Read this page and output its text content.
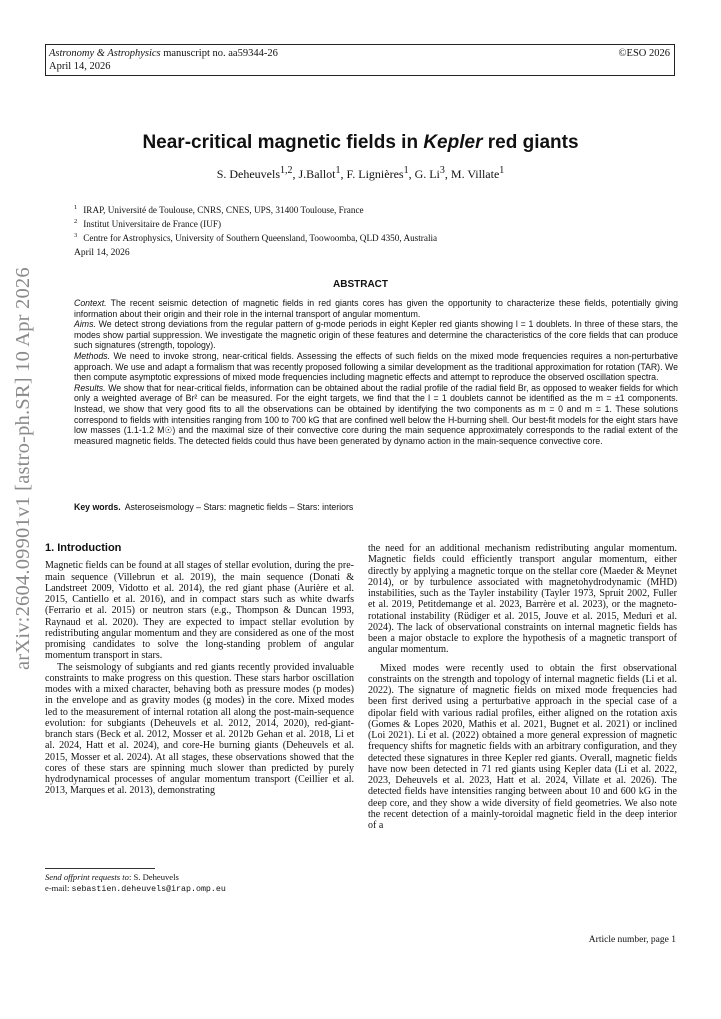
Astronomy & Astrophysics manuscript no. aa59344-26
April 14, 2026
©ESO 2026
arXiv:2604.09901v1 [astro-ph.SR] 10 Apr 2026
Near-critical magnetic fields in Kepler red giants
S. Deheuvels$^{1,2}$, J.Ballot$^1$, F. Lignières$^1$, G. Li$^3$, M. Villate$^1$
$^1$ IRAP, Université de Toulouse, CNRS, CNES, UPS, 31400 Toulouse, France
$^2$ Institut Universitaire de France (IUF)
$^3$ Centre for Astrophysics, University of Southern Queensland, Toowoomba, QLD 4350, Australia
April 14, 2026
ABSTRACT

Context. The recent seismic detection of magnetic fields in red giants cores has given the opportunity to characterize these fields, potentially giving information about their origin and their role in the internal transport of angular momentum.

Aims. We detect strong deviations from the regular pattern of g-mode periods in eight Kepler red giants showing l = 1 doublets. In three of these stars, the modes show partial suppression. We investigate the magnetic origin of these features and determine the characteristics of the core fields that can produce such signatures (strength, topology).

Methods. We need to invoke strong, near-critical fields. Assessing the effects of such fields on the mixed mode frequencies requires a non-perturbative approach. We use and adapt a formalism that was recently proposed following a similar development as the traditional approximation for rotation (TAR). We then compute asymptotic expressions of mixed mode frequencies including magnetic effects and attempt to reproduce the observed oscillation spectra.

Results. We show that for near-critical fields, information can be obtained about the radial profile of the radial field Br, as opposed to weaker fields for which only a weighted average of Br² can be measured. For the eight targets, we find that the l = 1 doublets cannot be identified as the m = ±1 components. Instead, we show that very good fits to all the observations can be obtained by identifying the two components as m = 0 and m = 1. These solutions correspond to fields with intensities ranging from 100 to 700 kG that are confined well below the H-burning shell. Our best-fit models for the eight stars have low masses (1.1-1.2 M☉) and the maximal size of their convective core during the main sequence approximately corresponds to the radial extent of the measured magnetic fields. The detected fields could thus have been generated by dynamo action in the main-sequence convective core.

Key words. Asteroseismology – Stars: magnetic fields – Stars: interiors
1. Introduction

Magnetic fields can be found at all stages of stellar evolution, during the pre-main sequence (Villebrun et al. 2019), the main sequence (Donati & Landstreet 2009, Vidotto et al. 2014), the red giant phase (Aurière et al. 2015, Cantiello et al. 2016), and in compact stars such as white dwarfs (Ferrario et al. 2015) or neutron stars (e.g., Thompson & Duncan 1993, Raynaud et al. 2020). They are expected to impact stellar evolution by redistributing angular momentum and they are considered as one of the most promising candidates to solve the long-standing problem of angular momentum transport in stars.

The seismology of subgiants and red giants recently provided invaluable constraints to make progress on this question. These stars harbor oscillation modes with a mixed character, behaving both as pressure modes (p modes) in the envelope and as gravity modes (g modes) in the core. Mixed modes led to the measurement of internal rotation all along the post-main-sequence evolution: for subgiants (Deheuvels et al. 2012, 2014, 2020), red-giant-branch stars (Beck et al. 2012, Mosser et al. 2012b Gehan et al. 2018, Li et al. 2024, Hatt et al. 2024), and core-He burning giants (Deheuvels et al. 2015, Mosser et al. 2024). At all stages, these observations showed that the cores of these stars are spinning much slower than predicted by purely hydrodynamical processes of angular momentum transport (Ceillier et al. 2013, Marques et al. 2013), demonstrating

the need for an additional mechanism redistributing angular momentum. Magnetic fields could efficiently transport angular momentum, either directly by applying a magnetic torque on the stellar core (Maeder & Meynet 2014), or by turbulence associated with magnetohydrodynamic (MHD) instabilities, such as the Tayler instability (Tayler 1973, Spruit 2002, Fuller et al. 2019, Petitdemange et al. 2023, Barrère et al. 2023), or the magneto-rotational instability (Rüdiger et al. 2015, Jouve et al. 2015, Meduri et al. 2024). The lack of observational constraints on internal magnetic fields has been a major obstacle to explore the hypothesis of a magnetic transport of angular momentum.

Mixed modes were recently used to obtain the first observational constraints on the strength and topology of internal magnetic fields (Li et al. 2022). The signature of magnetic fields on mixed mode frequencies had been first derived using a perturbative approach in the special case of a dipolar field with various radial profiles, either aligned on the rotation axis (Gomes & Lopes 2020, Mathis et al. 2021, Bugnet et al. 2021) or inclined (Loi 2021). Li et al. (2022) obtained a more general expression of magnetic frequency shifts for magnetic fields with an arbitrary configuration, and they detected these signatures in three Kepler red giants. Overall, magnetic fields have now been detected in 71 red giants using Kepler data (Li et al. 2022, 2023, Deheuvels et al. 2023, Hatt et al. 2024, Villate et al. 2026). The detected fields have intensities ranging between about 10 and 600 kG in the deep core, and they show a wide diversity of field geometries. We also note the recent detection of a mainly-toroidal magnetic field in the deep interior of a

Send offprint requests to: S. Deheuvels
e-mail: sebastien.deheuvels@irap.omp.eu
Article number, page 1
